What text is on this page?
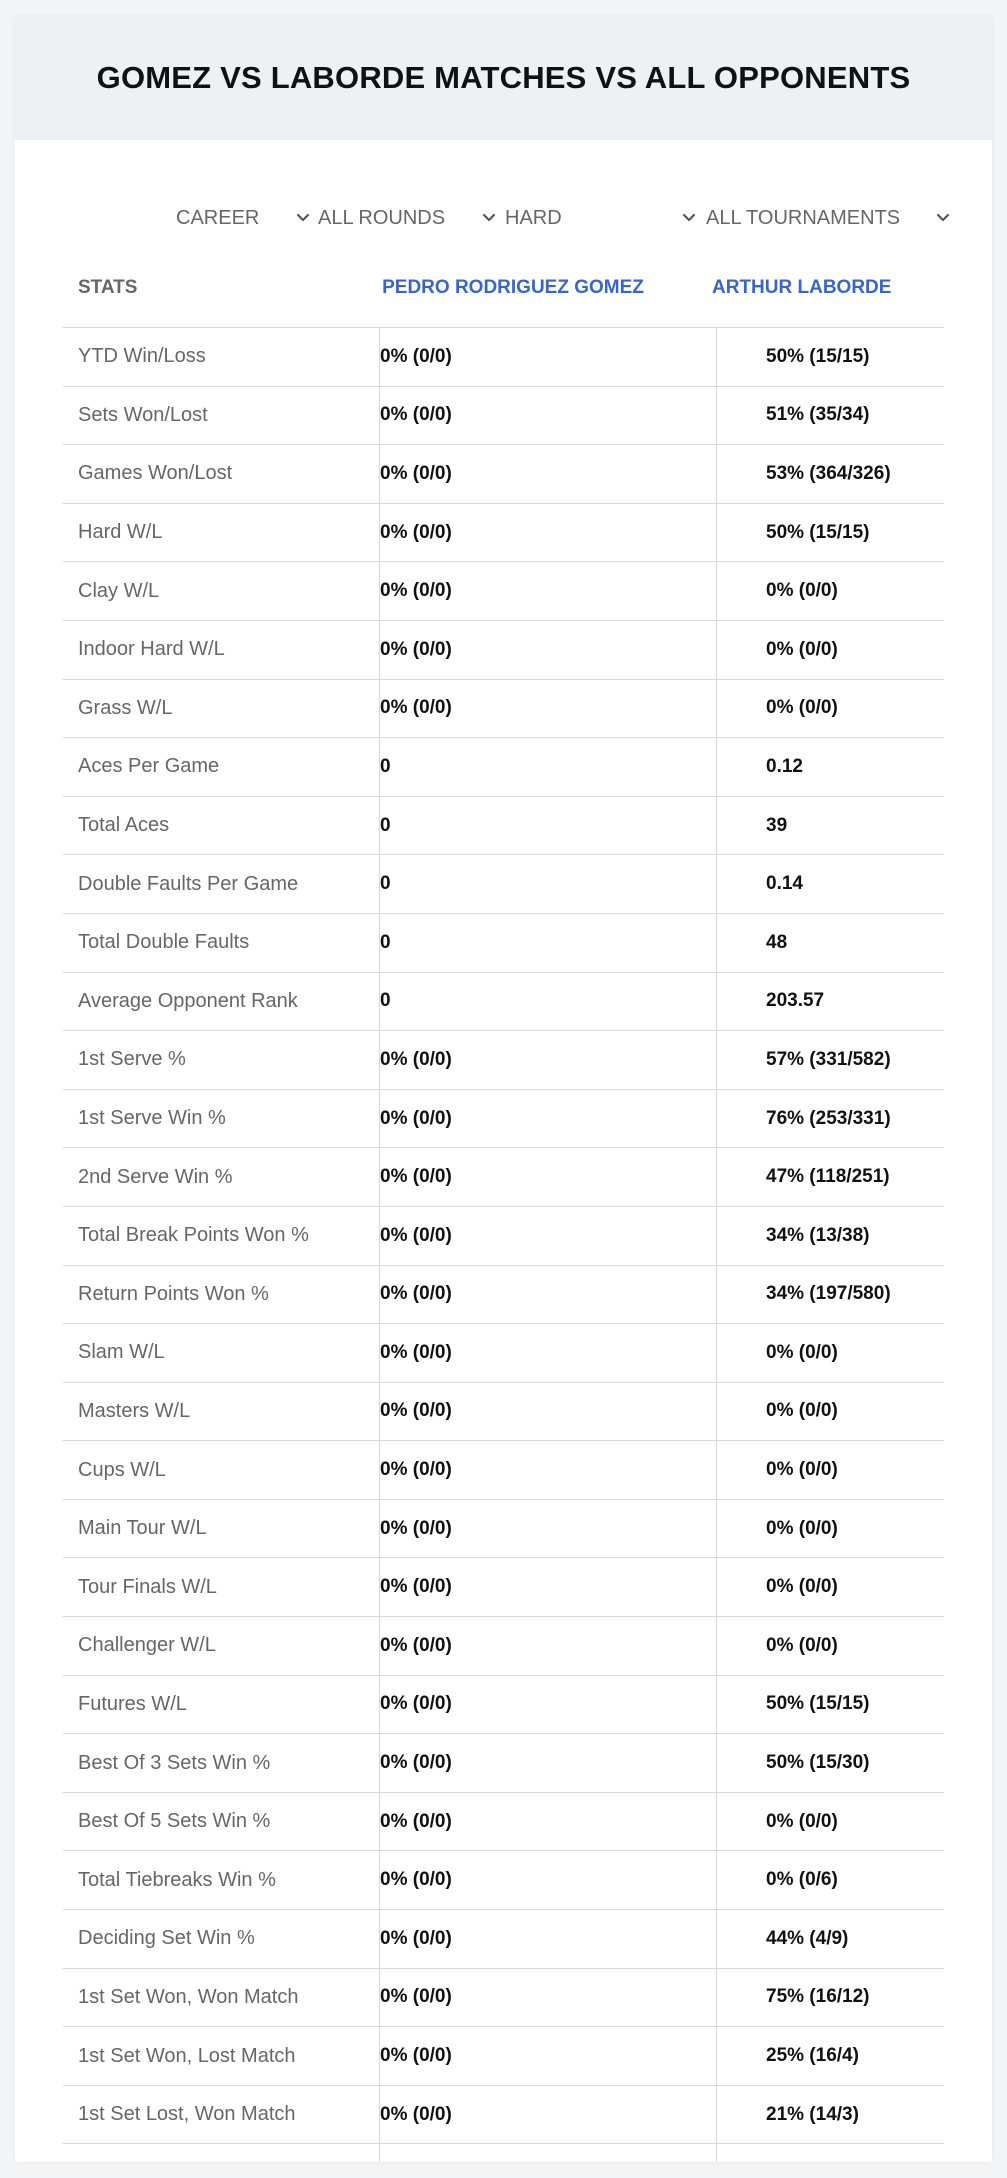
GOMEZ VS LABORDE MATCHES VS ALL OPPONENTS
CAREER	ALL ROUNDS	HARD	ALL TOURNAMENTS
STATS	PEDRO RODRIGUEZ GOMEZ	ARTHUR LABORDE
YTD Win/Loss	0% (0/0)	50% (15/15)
Sets Won/Lost	0% (0/0)	51% (35/34)
Games Won/Lost	0% (0/0)	53% (364/326)
Hard W/L	0% (0/0)	50% (15/15)
Clay W/L	0% (0/0)	0% (0/0)
Indoor Hard W/L	0% (0/0)	0% (0/0)
Grass W/L	0% (0/0)	0% (0/0)
Aces Per Game	0	0.12
Total Aces	0	39
Double Faults Per Game	0	0.14
Total Double Faults	0	48
Average Opponent Rank	0	203.57
1st Serve %	0% (0/0)	57% (331/582)
1st Serve Win %	0% (0/0)	76% (253/331)
2nd Serve Win %	0% (0/0)	47% (118/251)
Total Break Points Won %	0% (0/0)	34% (13/38)
Return Points Won %	0% (0/0)	34% (197/580)
Slam W/L	0% (0/0)	0% (0/0)
Masters W/L	0% (0/0)	0% (0/0)
Cups W/L	0% (0/0)	0% (0/0)
Main Tour W/L	0% (0/0)	0% (0/0)
Tour Finals W/L	0% (0/0)	0% (0/0)
Challenger W/L	0% (0/0)	0% (0/0)
Futures W/L	0% (0/0)	50% (15/15)
Best Of 3 Sets Win %	0% (0/0)	50% (15/30)
Best Of 5 Sets Win %	0% (0/0)	0% (0/0)
Total Tiebreaks Win %	0% (0/0)	0% (0/6)
Deciding Set Win %	0% (0/0)	44% (4/9)
1st Set Won, Won Match	0% (0/0)	75% (16/12)
1st Set Won, Lost Match	0% (0/0)	25% (16/4)
1st Set Lost, Won Match	0% (0/0)	21% (14/3)
